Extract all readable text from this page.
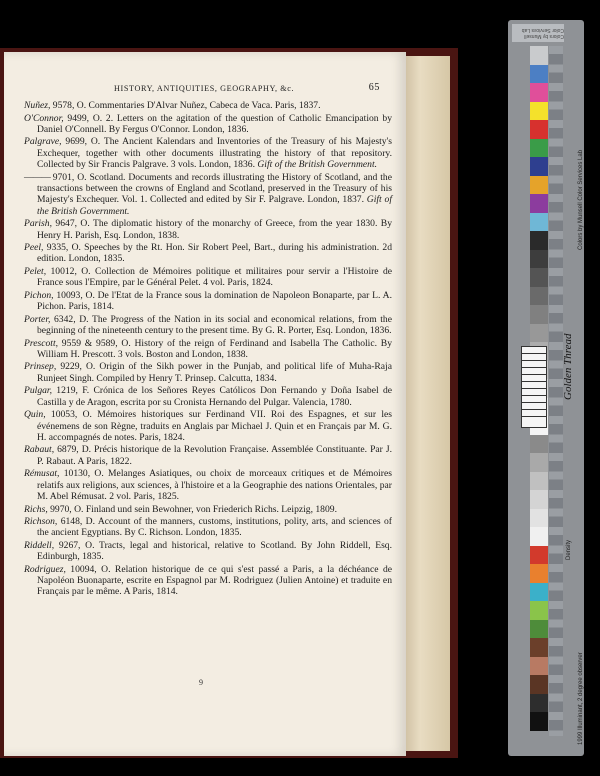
HISTORY, ANTIQUITIES, GEOGRAPHY, &c.	65

Nuñez, 9578, O. Commentaries D'Alvar Nuñez, Cabeca de Vaca. Paris, 1837.

O'Connor, 9499, O. 2. Letters on the agitation of the question of Catholic Emancipation by Daniel O'Connell. By Fergus O'Connor. London, 1836.

Palgrave, 9699, O. The Ancient Kalendars and Inventories of the Treasury of his Majesty's Exchequer, together with other documents illustrating the history of that repository. Collected by Sir Francis Palgrave. 3 vols. London, 1836. Gift of the British Government.

——— 9701, O. Scotland. Documents and records illustrating the History of Scotland, and the transactions between the crowns of England and Scotland, preserved in the Treasury of his Majesty's Exchequer. Vol. 1. Collected and edited by Sir F. Palgrave. London, 1837. Gift of the British Government.

Parish, 9647, O. The diplomatic history of the monarchy of Greece, from the year 1830. By Henry H. Parish, Esq. London, 1838.

Peel, 9335, O. Speeches by the Rt. Hon. Sir Robert Peel, Bart., during his administration. 2d edition. London, 1835.

Pelet, 10012, O. Collection de Mémoires politique et militaires pour servir a l'Histoire de France sous l'Empire, par le Général Pelet. 4 vol. Paris, 1824.

Pichon, 10093, O. De l'Etat de la France sous la domination de Napoleon Bonaparte, par L. A. Pichon. Paris, 1814.

Porter, 6342, D. The Progress of the Nation in its social and economical relations, from the beginning of the nineteenth century to the present time. By G. R. Porter, Esq. London, 1836.

Prescott, 9559 & 9589, O. History of the reign of Ferdinand and Isabella The Catholic. By William H. Prescott. 3 vols. Boston and London, 1838.

Prinsep, 9229, O. Origin of the Sikh power in the Punjab, and political life of Muha-Raja Runjeet Singh. Compiled by Henry T. Prinsep. Calcutta, 1834.

Pulgar, 1219, F. Crónica de los Señores Reyes Católicos Don Fernando y Doña Isabel de Castilla y de Aragon, escrita por su Cronista Hernando del Pulgar. Valencia, 1780.

Quin, 10053, O. Mémoires historiques sur Ferdinand VII. Roi des Espagnes, et sur les événemens de son Règne, traduits en Anglais par Michael J. Quin et en Français par M. G. H. accompagnés de notes. Paris, 1824.

Rabaut, 6879, D. Précis historique de la Revolution Française. Assemblée Constituante. Par J. P. Rabaut. A Paris, 1822.

Rémusat, 10130, O. Melanges Asiatiques, ou choix de morceaux critiques et de Mémoires relatifs aux religions, aux sciences, à l'histoire et a la Geographie des nations Orientales, par M. Abel Rémusat. 2 vol. Paris, 1825.

Richs, 9970, O. Finland und sein Bewohner, von Friederich Richs. Leipzig, 1809.

Richson, 6148, D. Account of the manners, customs, institutions, polity, arts, and sciences of the ancient Egyptians. By C. Richson. London, 1835.

Riddell, 9267, O. Tracts, legal and historical, relative to Scotland. By John Riddell, Esq. Edinburgh, 1835.

Rodriguez, 10094, O. Relation historique de ce qui s'est passé a Paris, a la déchéance de Napoléon Buonaparte, escrite en Espagnol par M. Rodriguez (Julien Antoine) et traduite en Français par le même. A Paris, 1814.

9
Colors by Munsell Color Services Lab
Golden Thread
Colors by Munsell Color Services Lab
1999 Illuminant, 2 degree observer
Density
